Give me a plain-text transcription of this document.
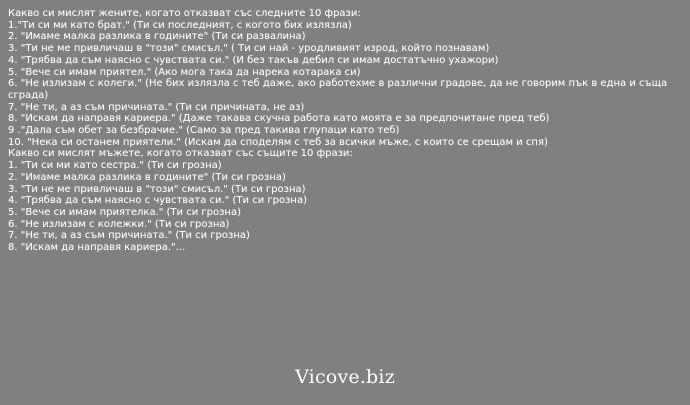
Какво си мислят жените, когато отказват със следните 10 фрази:
1."Ти си ми като брат." (Ти си последният, с когото бих излязла)
2. "Имаме малка разлика в годините" (Ти си развалина)
3. "Ти не ме привличаш в "този" смисъл." ( Ти си най - уродливият изрод, който познавам)
4. "Трябва да съм наясно с чувствата си." (И без такъв дебил си имам достатъчно ухажори)
5. "Вече си имам приятел." (Ако мога така да нарека котарака си)
6. "Не излизам с колеги." (Не бих излязла с теб даже, ако работехме в различни градове, да не говорим пък в една и съща сграда)
7. "Не ти, а аз съм причината." (Ти си причината, не аз)
8. "Искам да направя кариера." (Даже такава скучна работа като моята е за предпочитане пред теб)
9 ."Дала съм обет за безбрачие." (Само за пред такива глупаци като теб)
10. "Нека си останем приятели." (Искам да споделям с теб за всички мъже, с които се срещам и спя)
Какво си мислят мъжете, когато отказват със същите 10 фрази:
1. "Ти си ми като сестра." (Ти си грозна)
2. "Имаме малка разлика в годините" (Ти си грозна)
3. "Ти не ме привличаш в "този" смисъл." (Ти си грозна)
4. "Трябва да съм наясно с чувствата си." (Ти си грозна)
5. "Вече си имам приятелка." (Ти си грозна)
6. "Не излизам с колежки." (Ти си грозна)
7. "Не ти, а аз съм причината." (Ти си грозна)
8. "Искам да направя кариера."...
Vicove.biz
